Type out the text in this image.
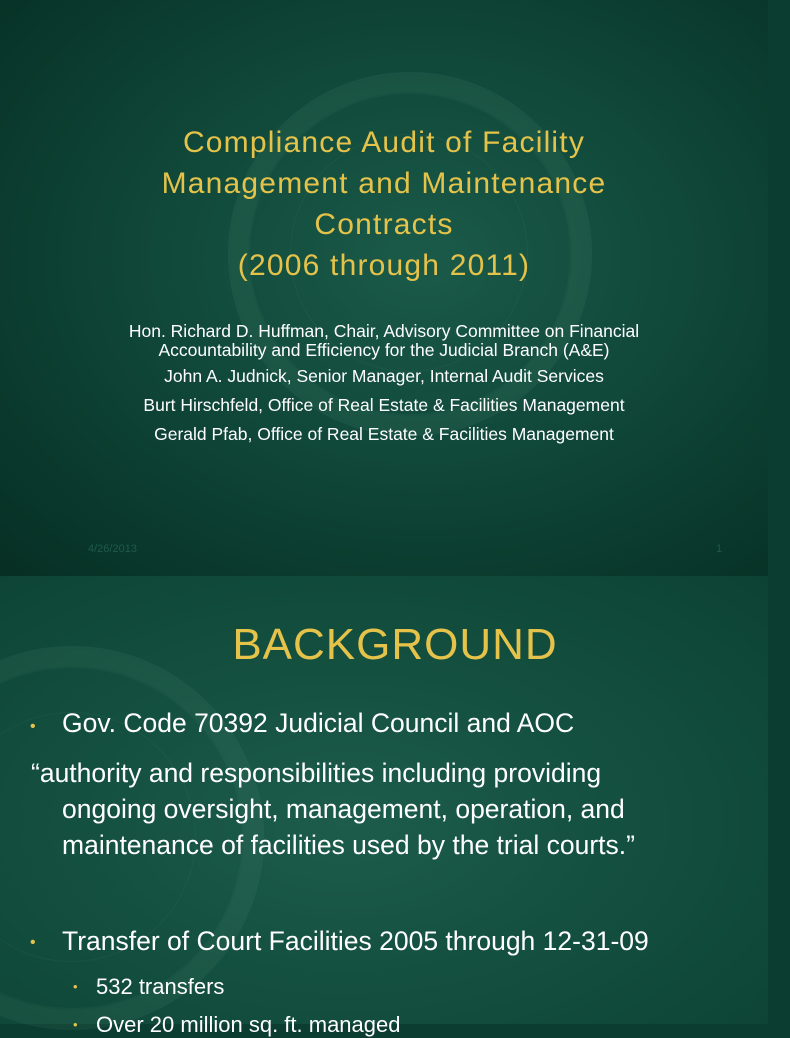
Compliance Audit of Facility
Management and Maintenance
Contracts
(2006 through 2011)
Hon. Richard D. Huffman, Chair, Advisory Committee on Financial
Accountability and Efficiency for the Judicial Branch (A&E)
John A. Judnick, Senior Manager, Internal Audit Services
Burt Hirschfeld, Office of Real Estate & Facilities Management
Gerald Pfab, Office of Real Estate & Facilities Management
4/26/2013	1
BACKGROUND
• Gov. Code 70392 Judicial Council and AOC
“authority and responsibilities including providing
ongoing oversight, management, operation, and
maintenance of facilities used by the trial courts.”
• Transfer of Court Facilities 2005 through 12-31-09
• 532 transfers
• Over 20 million sq. ft. managed
